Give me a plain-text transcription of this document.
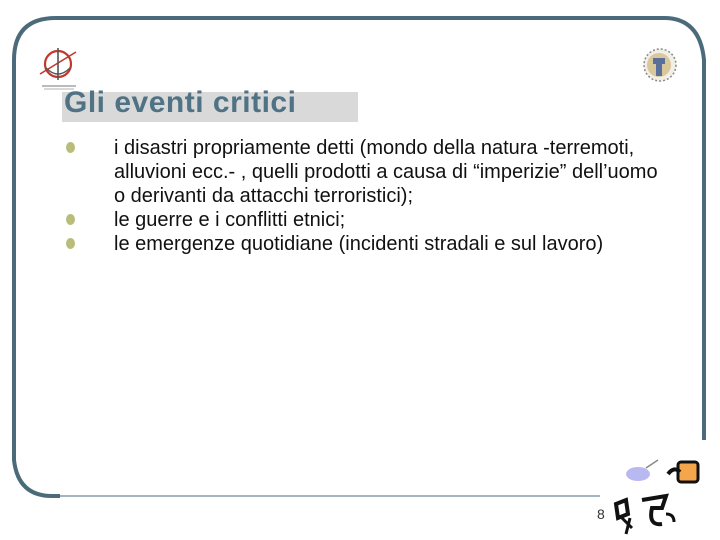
Gli eventi critici
i disastri propriamente detti (mondo della natura -terremoti, alluvioni ecc.- , quelli prodotti a causa di “imperizie” dell’uomo o derivanti da attacchi terroristici);
le guerre e i conflitti etnici;
le emergenze quotidiane (incidenti stradali e sul lavoro)
8
